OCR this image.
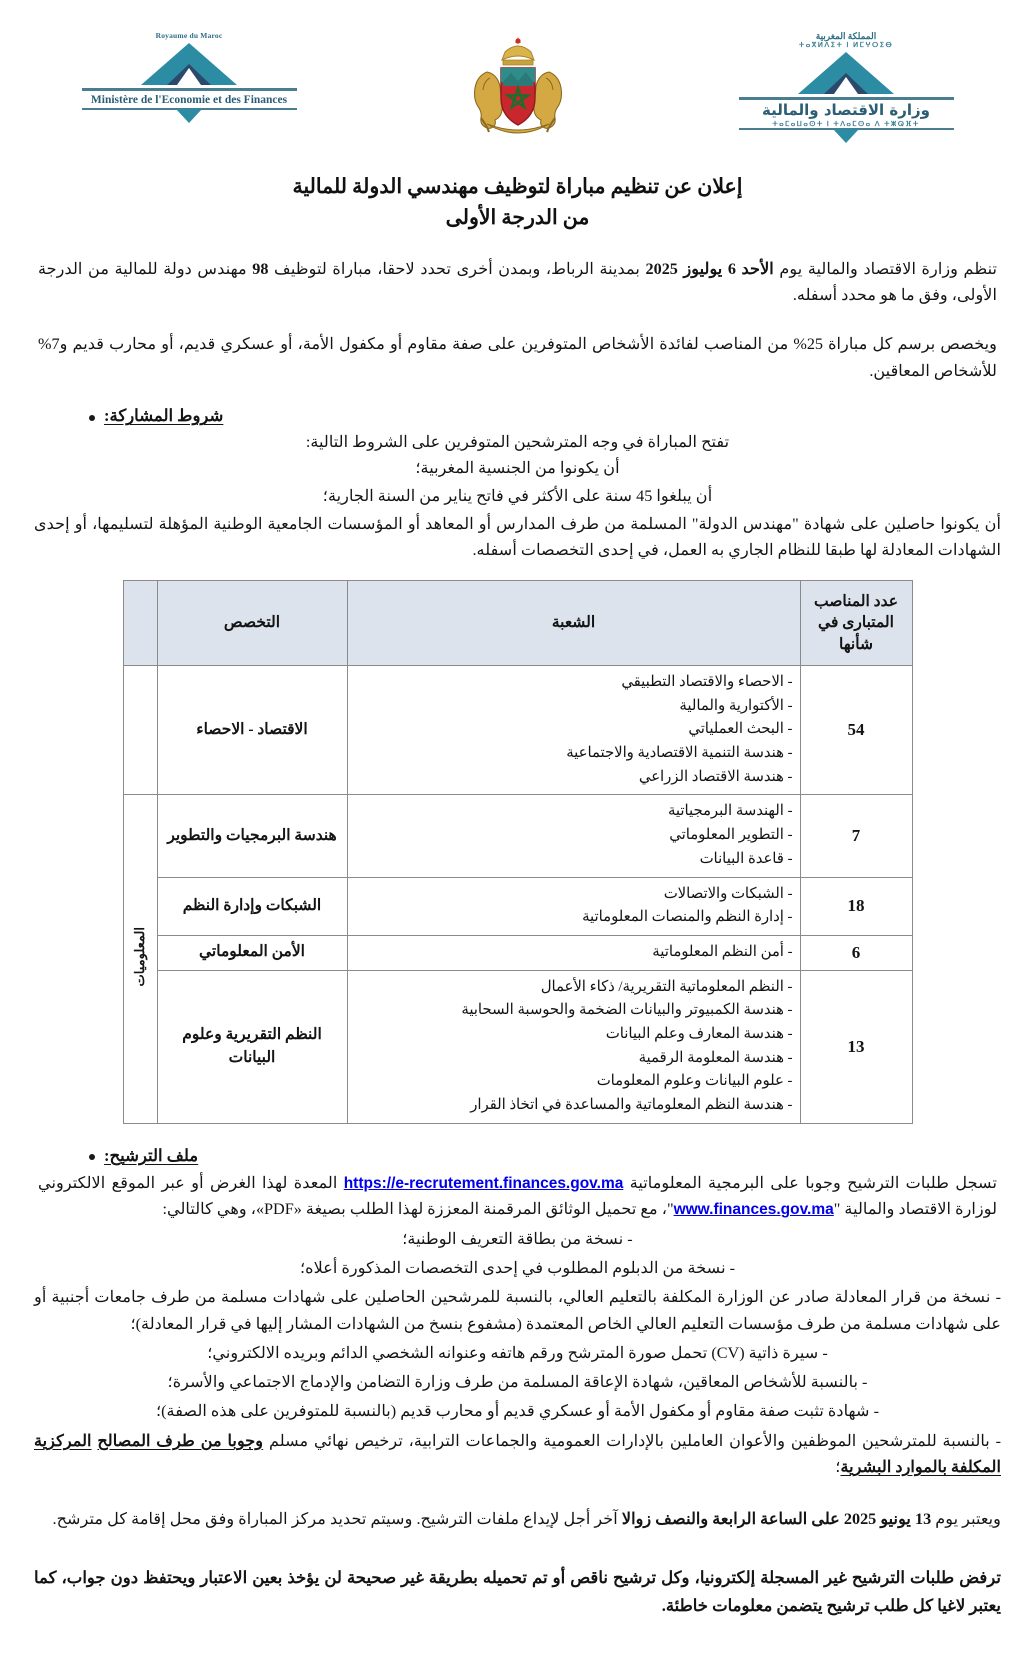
Royaume du Maroc
Ministère de l'Economie et des Finances
المملكة المغربية
ⵜⴰⴳⵍⴷⵉⵜ ⵏ ⵍⵎⵖⵔⵉⴱ
وزارة الاقتصاد والمالية
ⵜⴰⵎⴰⵡⴰⵙⵜ ⵏ ⵜⴷⴰⵎⵙⴰ ⴷ ⵜⵥⵕⴼⵜ
إعلان عن تنظيم مباراة لتوظيف مهندسي الدولة للمالية
من الدرجة الأولى

تنظم وزارة الاقتصاد والمالية يوم الأحد 6 يوليوز 2025 بمدينة الرباط، وبمدن أخرى تحدد لاحقا، مباراة لتوظيف 98 مهندس دولة للمالية من الدرجة الأولى، وفق ما هو محدد أسفله.

ويخصص برسم كل مباراة 25% من المناصب لفائدة الأشخاص المتوفرين على صفة مقاوم أو مكفول الأمة، أو عسكري قديم، أو محارب قديم و7% للأشخاص المعاقين.

شروط المشاركة:
تفتح المباراة في وجه المترشحين المتوفرين على الشروط التالية:
أن يكونوا من الجنسية المغربية؛
أن يبلغوا 45 سنة على الأكثر في فاتح يناير من السنة الجارية؛
أن يكونوا حاصلين على شهادة "مهندس الدولة" المسلمة من طرف المدارس أو المعاهد أو المؤسسات الجامعية الوطنية المؤهلة لتسليمها، أو إحدى الشهادات المعادلة لها طبقا للنظام الجاري به العمل، في إحدى التخصصات أسفله.
عدد المناصب المتبارى في شأنها	الشعبة	التخصص	
54	- الاحصاء والاقتصاد التطبيقي
- الأكتوارية والمالية
- البحث العملياتي
- هندسة التنمية الاقتصادية والاجتماعية
- هندسة الاقتصاد الزراعي	الاقتصاد - الاحصاء	
7	- الهندسة البرمجياتية
- التطوير المعلوماتي
- قاعدة البيانات	هندسة البرمجيات والتطوير	المعلوميات
18	- الشبكات والاتصالات
- إدارة النظم والمنصات المعلوماتية	الشبكات وإدارة النظم	
6	- أمن النظم المعلوماتية	الأمن المعلوماتي	
13	
- النظم المعلوماتية التقريرية/ ذكاء الأعمال
- هندسة الكمبيوتر والبيانات الضخمة والحوسبة السحابية
- هندسة المعارف وعلم البيانات
- هندسة المعلومة الرقمية
- علوم البيانات وعلوم المعلومات
- هندسة النظم المعلوماتية والمساعدة في اتخاذ القرار
	النظم التقريرية وعلوم البيانات
ملف الترشيح:

تسجل طلبات الترشيح وجوبا على البرمجية المعلوماتية https://e-recrutement.finances.gov.ma المعدة لهذا الغرض أو عبر الموقع الالكتروني لوزارة الاقتصاد والمالية "www.finances.gov.ma"، مع تحميل الوثائق المرقمنة المعززة لهذا الطلب بصيغة «PDF»، وهي كالتالي:

- نسخة من بطاقة التعريف الوطنية؛
- نسخة من الدبلوم المطلوب في إحدى التخصصات المذكورة أعلاه؛
- نسخة من قرار المعادلة صادر عن الوزارة المكلفة بالتعليم العالي، بالنسبة للمرشحين الحاصلين على شهادات مسلمة من طرف جامعات أجنبية أو على شهادات مسلمة من طرف مؤسسات التعليم العالي الخاص المعتمدة (مشفوع بنسخ من الشهادات المشار إليها في قرار المعادلة)؛
- سيرة ذاتية (CV) تحمل صورة المترشح ورقم هاتفه وعنوانه الشخصي الدائم وبريده الالكتروني؛
- بالنسبة للأشخاص المعاقين، شهادة الإعاقة المسلمة من طرف وزارة التضامن والإدماج الاجتماعي والأسرة؛
- شهادة تثبت صفة مقاوم أو مكفول الأمة أو عسكري قديم أو محارب قديم (بالنسبة للمتوفرين على هذه الصفة)؛
- بالنسبة للمترشحين الموظفين والأعوان العاملين بالإدارات العمومية والجماعات الترابية، ترخيص نهائي مسلم وجوبا من طرف المصالح المركزية المكلفة بالموارد البشرية؛

ويعتبر يوم 13 يونيو 2025 على الساعة الرابعة والنصف زوالا آخر أجل لإيداع ملفات الترشيح. وسيتم تحديد مركز المباراة وفق محل إقامة كل مترشح.

ترفض طلبات الترشيح غير المسجلة إلكترونيا، وكل ترشيح ناقص أو تم تحميله بطريقة غير صحيحة لن يؤخذ بعين الاعتبار ويحتفظ دون جواب، كما يعتبر لاغيا كل طلب ترشيح يتضمن معلومات خاطئة.
